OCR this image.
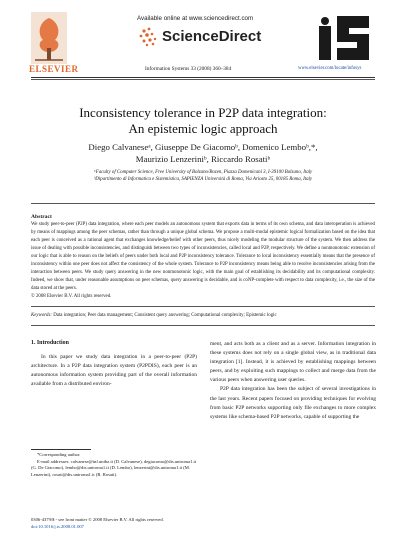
ELSEVIER
Available online at www.sciencedirect.com
ScienceDirect
Information Systems 33 (2008) 360–384	www.elsevier.com/locate/infosys
Inconsistency tolerance in P2P data integration:
An epistemic logic approach
Diego Calvaneseᵃ, Giuseppe De Giacomoᵇ, Domenico Lemboᵇ,*,
Maurizio Lenzeriniᵇ, Riccardo Rosatiᵇ
ᵃFaculty of Computer Science, Free University of Bolzano/Bozen, Piazza Domenicani 3, I-39100 Bolzano, Italy
ᵇDipartimento di Informatica e Sistemistica, SAPIENZA Università di Roma, Via Ariosto 25, 00185 Roma, Italy
Abstract
We study peer-to-peer (P2P) data integration, where each peer models an autonomous system that exports data in terms of its own schema, and data interoperation is achieved by means of mappings among the peer schemas, rather than through a unique global schema. We propose a multi-modal epistemic logical formalization based on the idea that each peer is conceived as a rational agent that exchanges knowledge/belief with other peers, thus nicely modeling the modular structure of the system. We then address the issue of dealing with possible inconsistencies, and distinguish between two types of inconsistencies, called local and P2P, respectively. We define a nonmonotonic extension of our logic that is able to reason on the beliefs of peers under both local and P2P inconsistency tolerance. Tolerance to local inconsistency essentially means that the presence of inconsistency within one peer does not affect the consistency of the whole system. Tolerance to P2P inconsistency means being able to resolve inconsistencies arising from the interaction between peers. We study query answering in the new nonmonotonic logic, with the main goal of establishing its decidability and its computational complexity. Indeed, we show that, under reasonable assumptions on peer schemas, query answering is decidable, and is coNP-complete with respect to data complexity, i.e., the size of the data stored at the peers.
© 2008 Elsevier B.V. All rights reserved.
Keywords: Data integration; Peer data management; Consistent query answering; Computational complexity; Epistemic logic
1. Introduction
In this paper we study data integration in a peer-to-peer (P2P) architecture. In a P2P data integration system (P2PDIS), each peer is an autonomous information system providing part of the overall information available from a distributed environ-

ment, and acts both as a client and as a server. Information integration in these systems does not rely on a single global view, as in traditional data integration [1]. Instead, it is achieved by establishing mappings between peers, and by exploiting such mappings to collect and merge data from the various peers when answering user queries.

P2P data integration has been the subject of several investigations in the last years. Recent papers focused on providing techniques for evolving from basic P2P networks supporting only file exchanges to more complex systems like schema-based P2P networks, capable of supporting the

*Corresponding author.
E-mail addresses: calvanese@inf.unibz.it (D. Calvanese), degiacomo@dis.uniroma1.it (G. De Giacomo), lembo@dis.uniroma1.it (D. Lembo), lenzerini@dis.uniroma1.it (M. Lenzerini), rosati@dis.uniroma1.it (R. Rosati).
0306-4379/$ - see front matter © 2008 Elsevier B.V. All rights reserved.
doi:10.1016/j.is.2008.01.007
